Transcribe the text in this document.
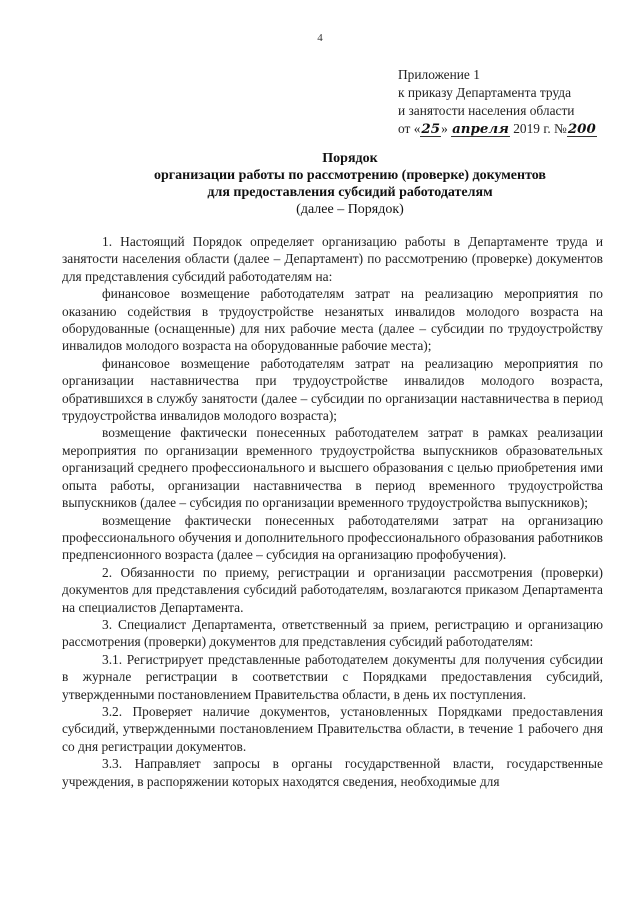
4
Приложение 1
к приказу Департамента труда
и занятости населения области
от «25» апреля 2019 г. №200
Порядок
организации работы по рассмотрению (проверке) документов
для предоставления субсидий работодателям
(далее – Порядок)

1. Настоящий Порядок определяет организацию работы в Департаменте труда и занятости населения области (далее – Департамент) по рассмотрению (проверке) документов для представления субсидий работодателям на:

финансовое возмещение работодателям затрат на реализацию мероприятия по оказанию содействия в трудоустройстве незанятых инвалидов молодого возраста на оборудованные (оснащенные) для них рабочие места (далее – субсидии по трудоустройству инвалидов молодого возраста на оборудованные рабочие места);

финансовое возмещение работодателям затрат на реализацию мероприятия по организации наставничества при трудоустройстве инвалидов молодого возраста, обратившихся в службу занятости (далее – субсидии по организации наставничества в период трудоустройства инвалидов молодого возраста);

возмещение фактически понесенных работодателем затрат в рамках реализации мероприятия по организации временного трудоустройства выпускников образовательных организаций среднего профессионального и высшего образования с целью приобретения ими опыта работы, организации наставничества в период временного трудоустройства выпускников (далее – субсидия по организации временного трудоустройства выпускников);

возмещение фактически понесенных работодателями затрат на организацию профессионального обучения и дополнительного профессионального образования работников предпенсионного возраста (далее – субсидия на организацию профобучения).

2. Обязанности по приему, регистрации и организации рассмотрения (проверки) документов для представления субсидий работодателям, возлагаются приказом Департамента на специалистов Департамента.

3. Специалист Департамента, ответственный за прием, регистрацию и организацию рассмотрения (проверки) документов для представления субсидий работодателям:

3.1. Регистрирует представленные работодателем документы для получения субсидии в журнале регистрации в соответствии с Порядками предоставления субсидий, утвержденными постановлением Правительства области, в день их поступления.

3.2. Проверяет наличие документов, установленных Порядками предоставления субсидий, утвержденными постановлением Правительства области, в течение 1 рабочего дня со дня регистрации документов.

3.3. Направляет запросы в органы государственной власти, государственные учреждения, в распоряжении которых находятся сведения, необходимые для
